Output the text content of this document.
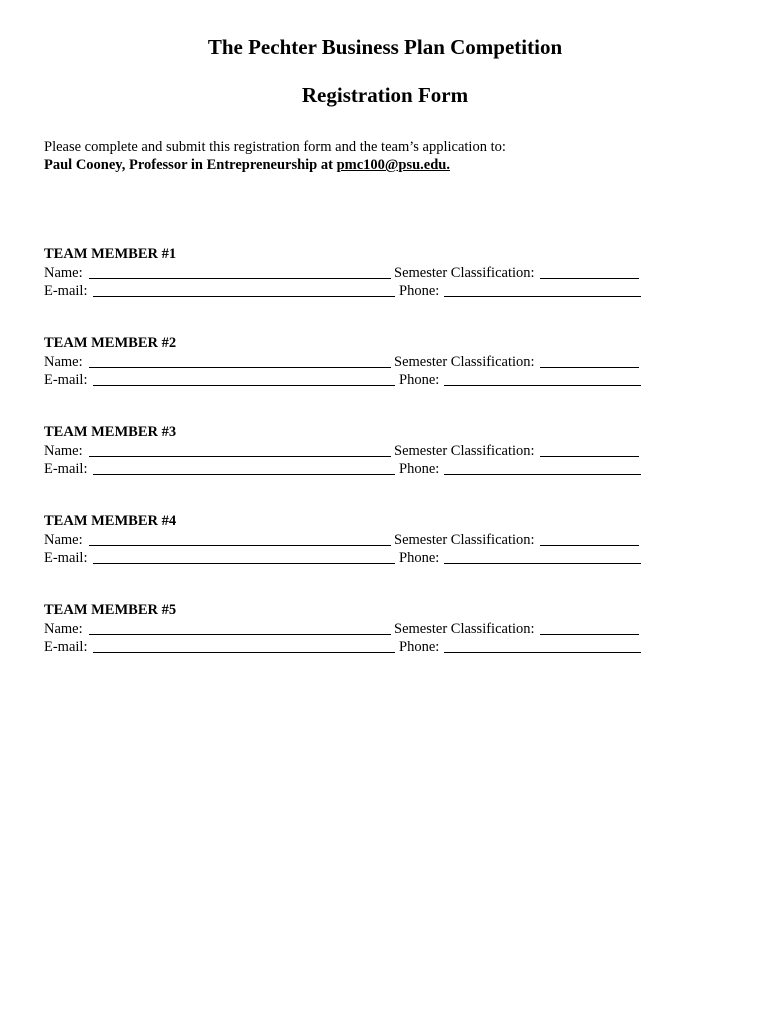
The Pechter Business Plan Competition
Registration Form
Please complete and submit this registration form and the team’s application to:
Paul Cooney, Professor in Entrepreneurship at pmc100@psu.edu.
TEAM MEMBER #1
Name:	Semester Classification:
E-mail:	Phone:
TEAM MEMBER #2
Name:	Semester Classification:
E-mail:	Phone:
TEAM MEMBER #3
Name:	Semester Classification:
E-mail:	Phone:
TEAM MEMBER #4
Name:	Semester Classification:
E-mail:	Phone:
TEAM MEMBER #5
Name:	Semester Classification:
E-mail:	Phone:
